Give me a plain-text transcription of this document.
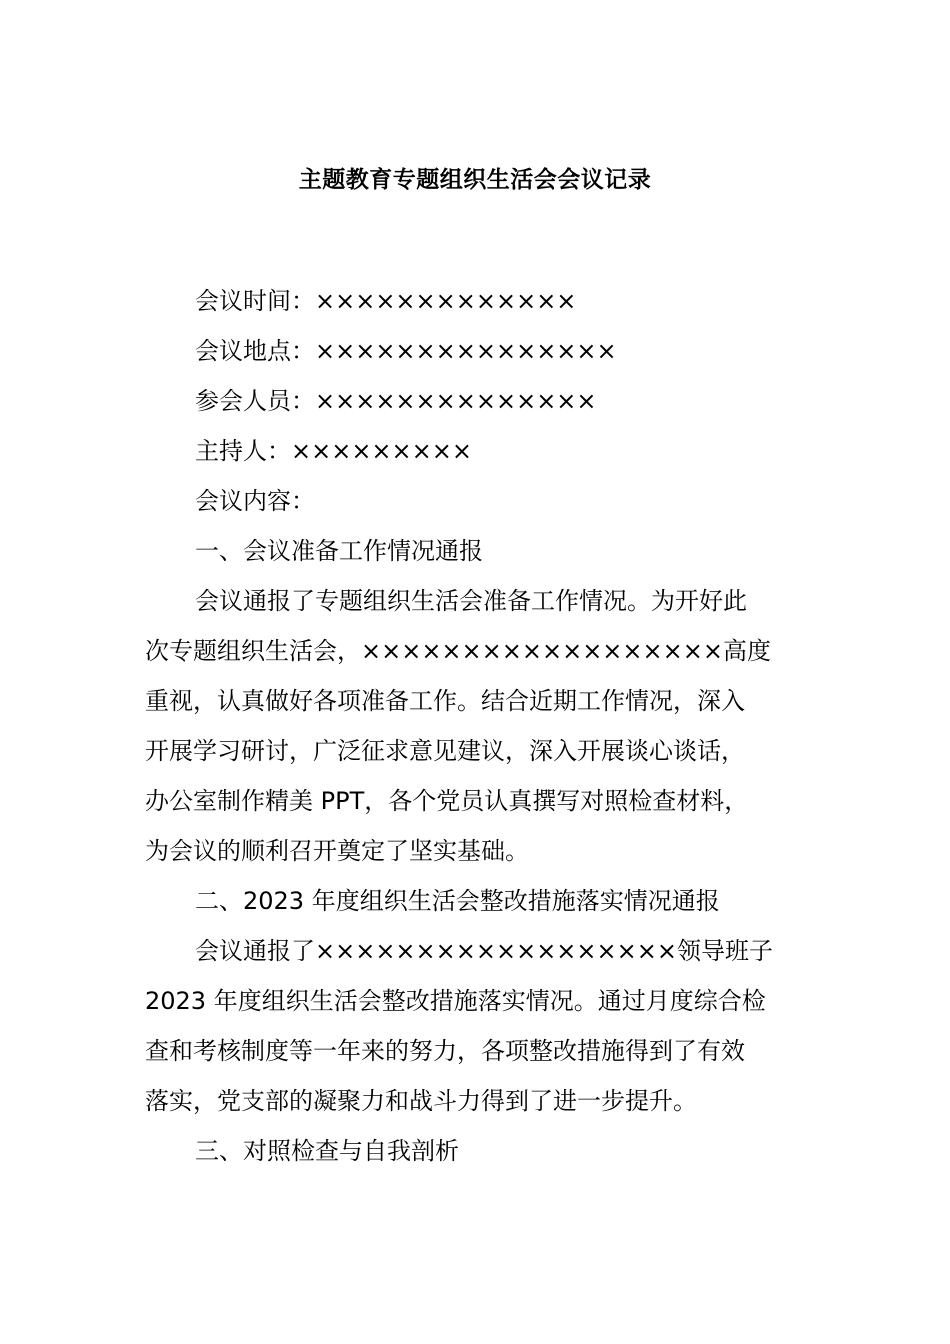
主题教育专题组织生活会会议记录
会议时间：×××××××××××××
会议地点：×××××××××××××××
参会人员：××××××××××××××
主持人：×××××××××
会议内容：
一、会议准备工作情况通报
会议通报了专题组织生活会准备工作情况。为开好此
次专题组织生活会，××××××××××××××××××高度
重视，认真做好各项准备工作。结合近期工作情况，深入
开展学习研讨，广泛征求意见建议，深入开展谈心谈话，
办公室制作精美 PPT，各个党员认真撰写对照检查材料，
为会议的顺利召开奠定了坚实基础。
二、2023 年度组织生活会整改措施落实情况通报
会议通报了××××××××××××××××××领导班子
2023 年度组织生活会整改措施落实情况。通过月度综合检
查和考核制度等一年来的努力，各项整改措施得到了有效
落实，党支部的凝聚力和战斗力得到了进一步提升。
三、对照检查与自我剖析
